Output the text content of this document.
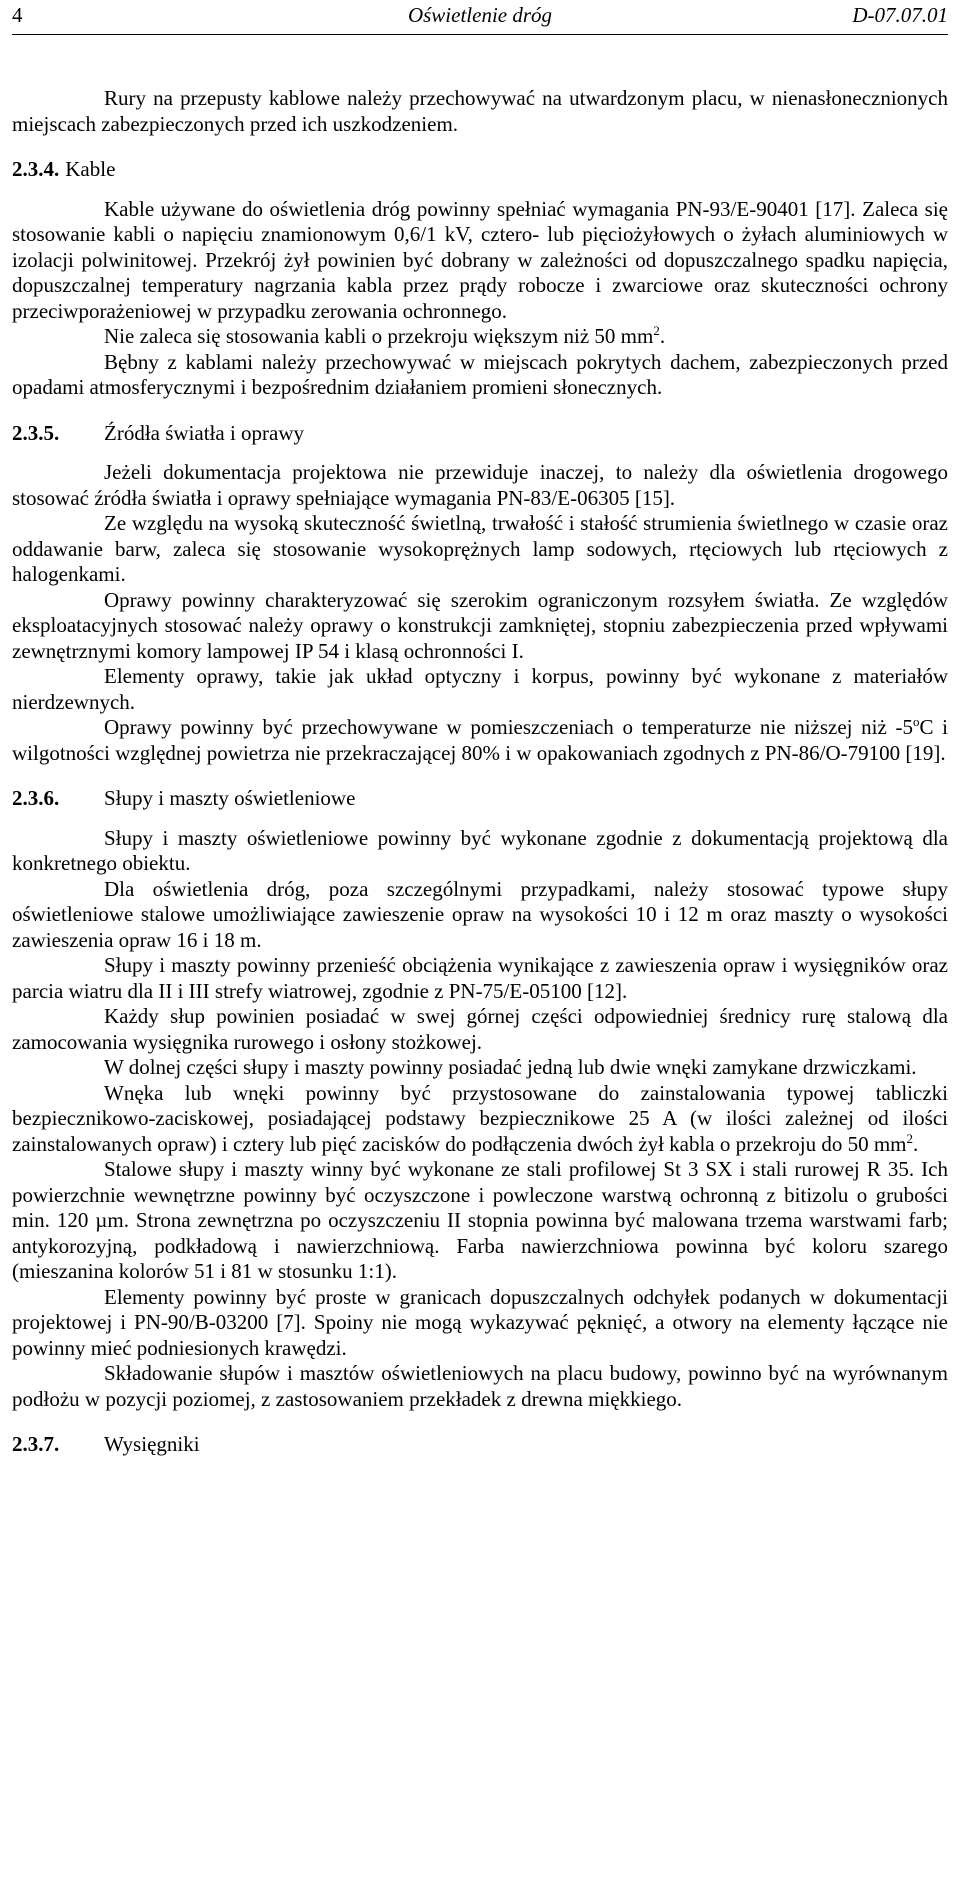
4	Oświetlenie dróg	D-07.07.01

Rury na przepusty kablowe należy przechowywać na utwardzonym placu, w nienasłonecznionych miejscach zabezpieczonych przed ich uszkodzeniem.

2.3.4. Kable

Kable używane do oświetlenia dróg powinny spełniać wymagania PN-93/E-90401 [17]. Zaleca się stosowanie kabli o napięciu znamionowym 0,6/1 kV, cztero- lub pięciożyłowych o żyłach aluminiowych w izolacji polwinitowej. Przekrój żył powinien być dobrany w zależności od dopuszczalnego spadku napięcia, dopuszczalnej temperatury nagrzania kabla przez prądy robocze i zwarciowe oraz skuteczności ochrony przeciwporażeniowej w przypadku zerowania ochronnego.

Nie zaleca się stosowania kabli o przekroju większym niż 50 $mm^2$.

Bębny z kablami należy przechowywać w miejscach pokrytych dachem, zabezpieczonych przed opadami atmosferycznymi i bezpośrednim działaniem promieni słonecznych.

2.3.5. Źródła światła i oprawy

Jeżeli dokumentacja projektowa nie przewiduje inaczej, to należy dla oświetlenia drogowego stosować źródła światła i oprawy spełniające wymagania PN-83/E-06305 [15].

Ze względu na wysoką skuteczność świetlną, trwałość i stałość strumienia świetlnego w czasie oraz oddawanie barw, zaleca się stosowanie wysokoprężnych lamp sodowych, rtęciowych lub rtęciowych z halogenkami.

Oprawy powinny charakteryzować się szerokim ograniczonym rozsyłem światła. Ze względów eksploatacyjnych stosować należy oprawy o konstrukcji zamkniętej, stopniu zabezpieczenia przed wpływami zewnętrznymi komory lampowej IP 54 i klasą ochronności I.

Elementy oprawy, takie jak układ optyczny i korpus, powinny być wykonane z materiałów nierdzewnych.

Oprawy powinny być przechowywane w pomieszczeniach o temperaturze nie niższej niż -5$^o$C i wilgotności względnej powietrza nie przekraczającej 80% i w opakowaniach zgodnych z PN-86/O-79100 [19].

2.3.6. Słupy i maszty oświetleniowe

Słupy i maszty oświetleniowe powinny być wykonane zgodnie z dokumentacją projektową dla konkretnego obiektu.

Dla oświetlenia dróg, poza szczególnymi przypadkami, należy stosować typowe słupy oświetleniowe stalowe umożliwiające zawieszenie opraw na wysokości 10 i 12 m oraz maszty o wysokości zawieszenia opraw 16 i 18 m.

Słupy i maszty powinny przenieść obciążenia wynikające z zawieszenia opraw i wysięgników oraz parcia wiatru dla II i III strefy wiatrowej, zgodnie z PN-75/E-05100 [12].

Każdy słup powinien posiadać w swej górnej części odpowiedniej średnicy rurę stalową dla zamocowania wysięgnika rurowego i osłony stożkowej.

W dolnej części słupy i maszty powinny posiadać jedną lub dwie wnęki zamykane drzwiczkami.

Wnęka lub wnęki powinny być przystosowane do zainstalowania typowej tabliczki bezpiecznikowo-zaciskowej, posiadającej podstawy bezpiecznikowe 25 A (w ilości zależnej od ilości zainstalowanych opraw) i cztery lub pięć zacisków do podłączenia dwóch żył kabla o przekroju do 50 $mm^2$.

Stalowe słupy i maszty winny być wykonane ze stali profilowej St 3 SX i stali rurowej R 35. Ich powierzchnie wewnętrzne powinny być oczyszczone i powleczone warstwą ochronną z bitizolu o grubości min. 120 µm. Strona zewnętrzna po oczyszczeniu II stopnia powinna być malowana trzema warstwami farb; antykorozyjną, podkładową i nawierzchniową. Farba nawierzchniowa powinna być koloru szarego (mieszanina kolorów 51 i 81 w stosunku 1:1).

Elementy powinny być proste w granicach dopuszczalnych odchyłek podanych w dokumentacji projektowej i PN-90/B-03200 [7]. Spoiny nie mogą wykazywać pęknięć, a otwory na elementy łączące nie powinny mieć podniesionych krawędzi.

Składowanie słupów i masztów oświetleniowych na placu budowy, powinno być na wyrównanym podłożu w pozycji poziomej, z zastosowaniem przekładek z drewna miękkiego.

2.3.7. Wysięgniki
